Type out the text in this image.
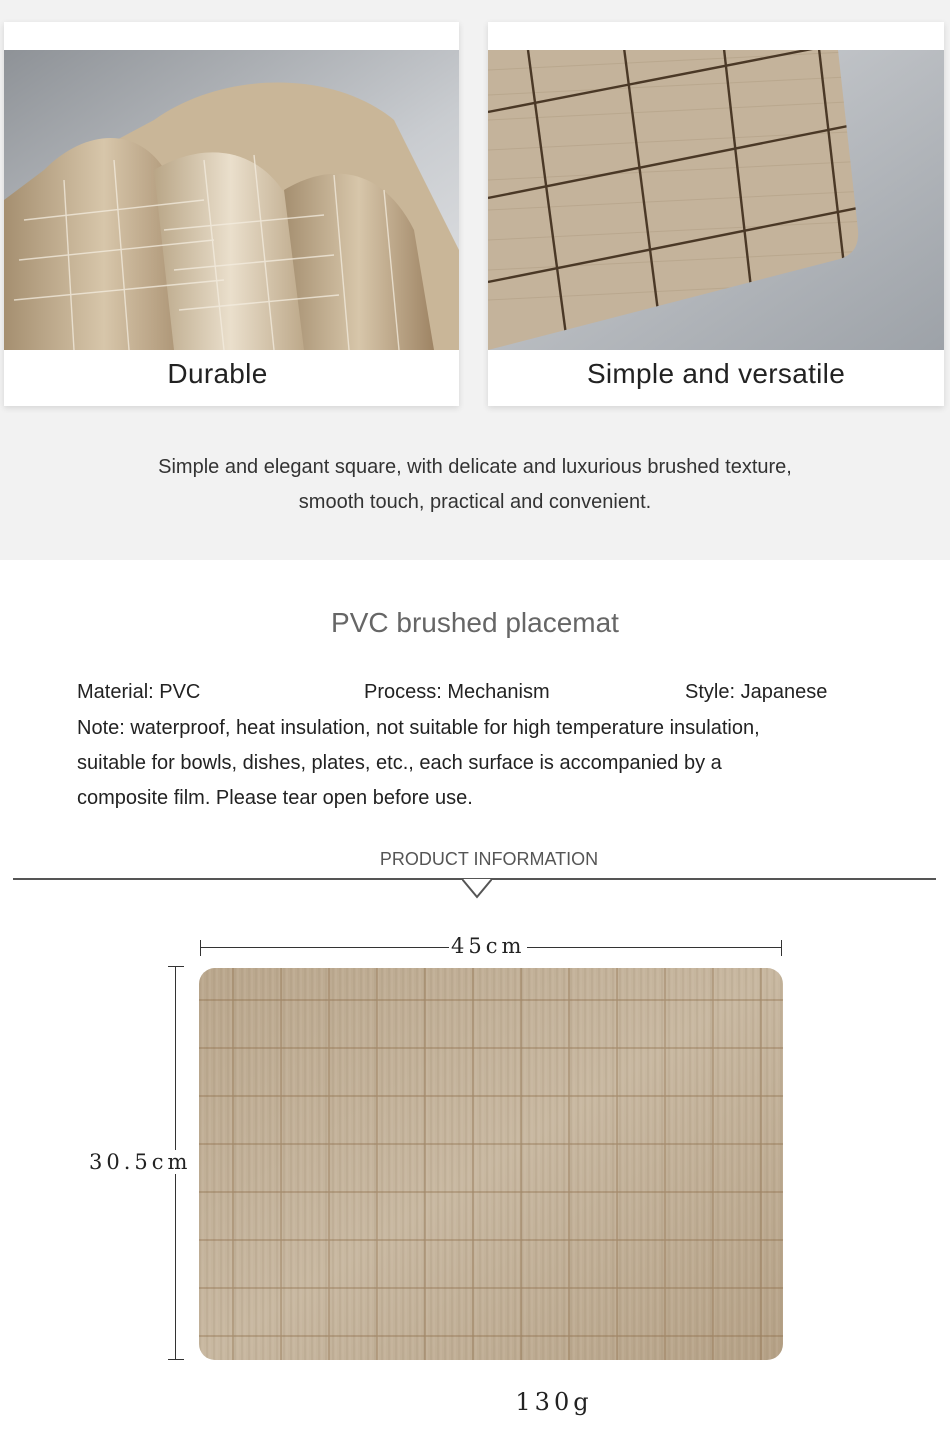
Durable	Simple and versatile
Simple and elegant square, with delicate and luxurious brushed texture,
smooth touch, practical and convenient.
PVC brushed placemat
Material: PVC	Process: Mechanism	Style: Japanese
Note: waterproof, heat insulation, not suitable for high temperature insulation,
suitable for bowls, dishes, plates, etc., each surface is accompanied by a
composite film. Please tear open before use.
PRODUCT INFORMATION
45cm
30.5cm
130g
